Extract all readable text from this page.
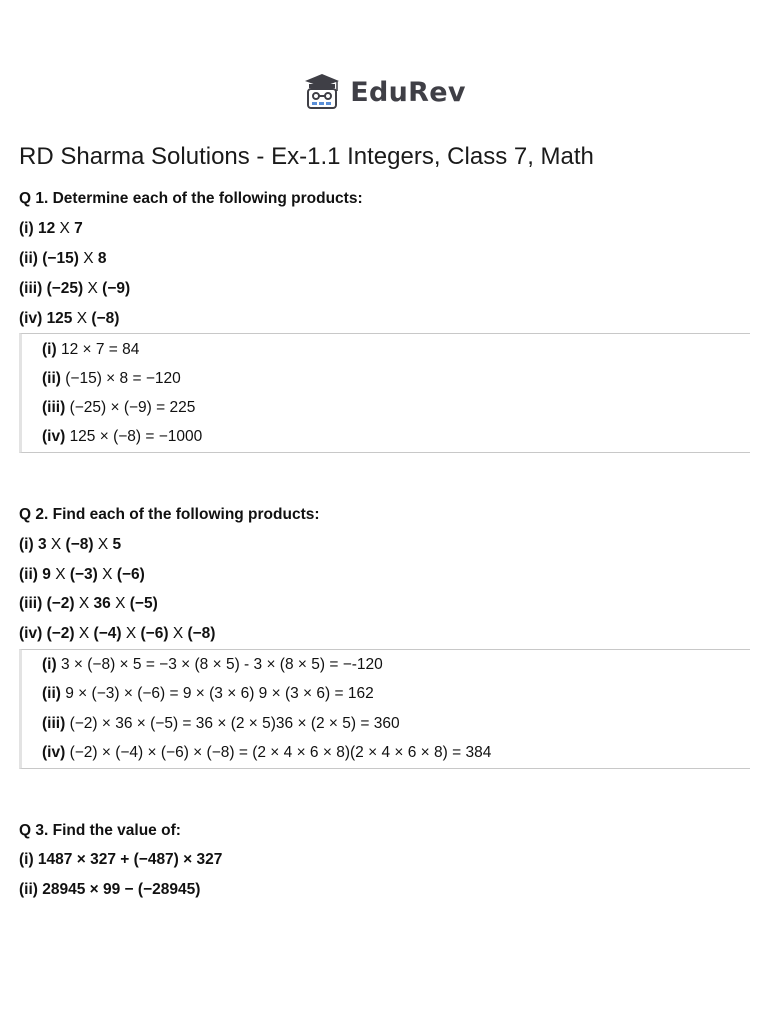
EduRev
RD Sharma Solutions - Ex-1.1 Integers, Class 7, Math
Q 1. Determine each of the following products:
(i) 12 X 7
(ii) (−15) X 8
(iii) (−25) X (−9)
(iv) 125 X (−8)
(i) 12 × 7 = 84
(ii) (−15) × 8 = −120
(iii) (−25) × (−9) = 225
(iv) 125 × (−8) = −1000
Q 2. Find each of the following products:
(i) 3 X (−8) X 5
(ii) 9 X (−3) X (−6)
(iii) (−2) X 36 X (−5)
(iv) (−2) X (−4) X (−6) X (−8)
(i) 3 × (−8) × 5 = −3 × (8 × 5) - 3 × (8 × 5) = −-120
(ii) 9 × (−3) × (−6) = 9 × (3 × 6) 9 × (3 × 6) = 162
(iii) (−2) × 36 × (−5) = 36 × (2 × 5)36 × (2 × 5) = 360
(iv) (−2) × (−4) × (−6) × (−8) = (2 × 4 × 6 × 8)(2 × 4 × 6 × 8) = 384
Q 3. Find the value of:
(i) 1487 × 327 + (−487) × 327
(ii) 28945 × 99 − (−28945)
